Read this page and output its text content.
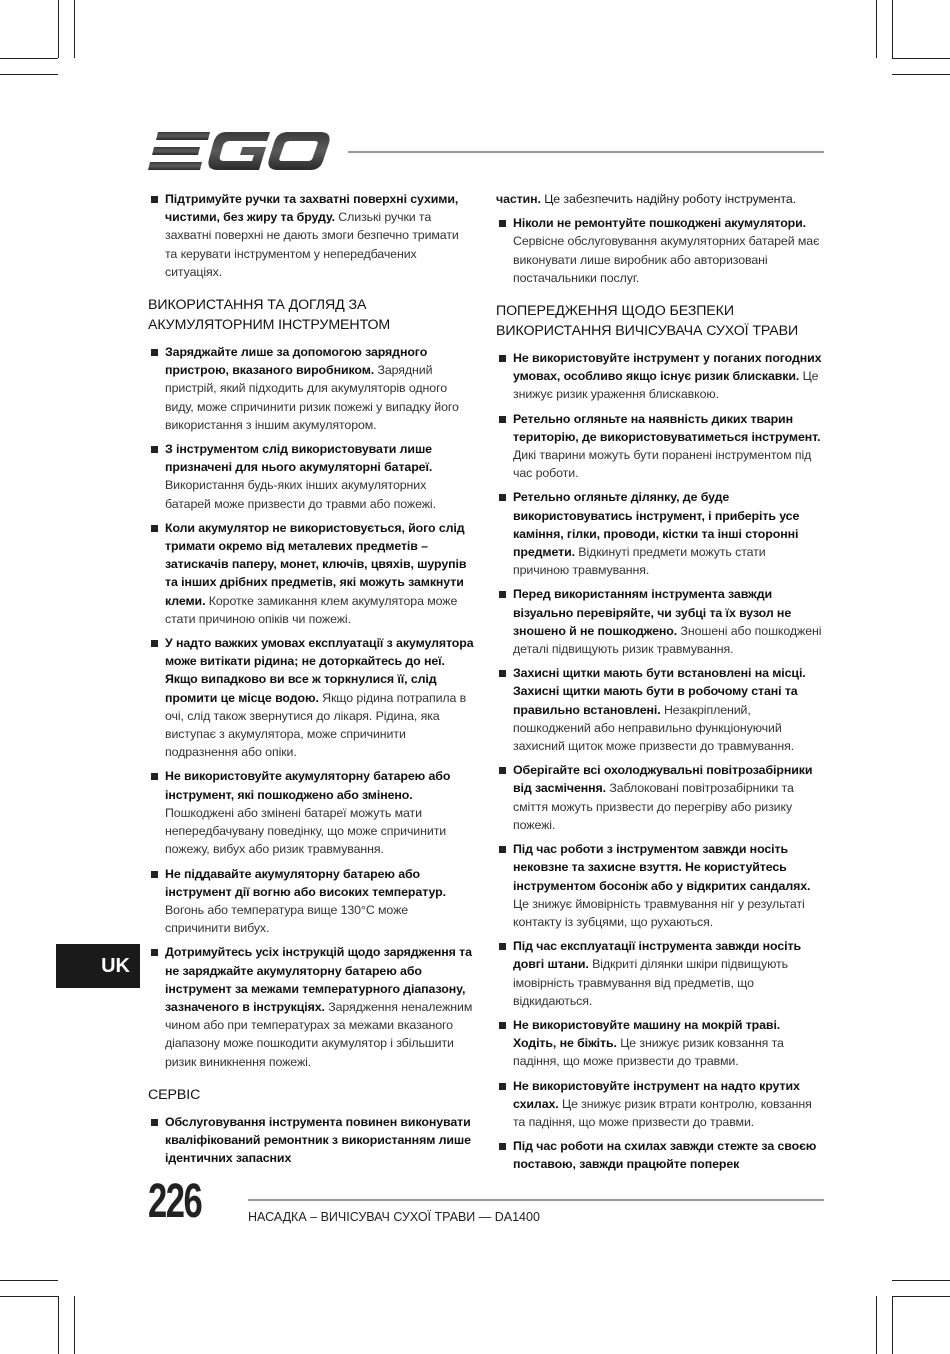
Підтримуйте ручки та захватні поверхні сухими, чистими, без жиру та бруду. Слизькі ручки та захватні поверхні не дають змоги безпечно тримати та керувати інструментом у непередбачених ситуаціях.
ВИКОРИСТАННЯ ТА ДОГЛЯД ЗА АКУМУЛЯТОРНИМ ІНСТРУМЕНТОМ
Заряджайте лише за допомогою зарядного пристрою, вказаного виробником. Зарядний пристрій, який підходить для акумуляторів одного виду, може спричинити ризик пожежі у випадку його використання з іншим акумулятором.
З інструментом слід використовувати лише призначені для нього акумуляторні батареї. Використання будь-яких інших акумуляторних батарей може призвести до травми або пожежі.
Коли акумулятор не використовується, його слід тримати окремо від металевих предметів – затискачів паперу, монет, ключів, цвяхів, шурупів та інших дрібних предметів, які можуть замкнути клеми. Коротке замикання клем акумулятора може стати причиною опіків чи пожежі.
У надто важких умовах експлуатації з акумулятора може витікати рідина; не доторкайтесь до неї. Якщо випадково ви все ж торкнулися її, слід промити це місце водою. Якщо рідина потрапила в очі, слід також звернутися до лікаря. Рідина, яка виступає з акумулятора, може спричинити подразнення або опіки.
Не використовуйте акумуляторну батарею або інструмент, які пошкоджено або змінено. Пошкоджені або змінені батареї можуть мати непередбачувану поведінку, що може спричинити пожежу, вибух або ризик травмування.
Не піддавайте акумуляторну батарею або інструмент дії вогню або високих температур. Вогонь або температура вище 130°C може спричинити вибух.
Дотримуйтесь усіх інструкцій щодо зарядження та не заряджайте акумуляторну батарею або інструмент за межами температурного діапазону, зазначеного в інструкціях. Зарядження неналежним чином або при температурах за межами вказаного діапазону може пошкодити акумулятор і збільшити ризик виникнення пожежі.
СЕРВІС
Обслуговування інструмента повинен виконувати кваліфікований ремонтник з використанням лише ідентичних запасних
частин. Це забезпечить надійну роботу інструмента.
Ніколи не ремонтуйте пошкоджені акумулятори. Сервісне обслуговування акумуляторних батарей має виконувати лише виробник або авторизовані постачальники послуг.
ПОПЕРЕДЖЕННЯ ЩОДО БЕЗПЕКИ ВИКОРИСТАННЯ ВИЧІСУВАЧА СУХОЇ ТРАВИ
Не використовуйте інструмент у поганих погодних умовах, особливо якщо існує ризик блискавки. Це знижує ризик ураження блискавкою.
Ретельно огляньте на наявність диких тварин територію, де використовуватиметься інструмент. Дикі тварини можуть бути поранені інструментом під час роботи.
Ретельно огляньте ділянку, де буде використовуватись інструмент, і приберіть усе каміння, гілки, проводи, кістки та інші сторонні предмети. Відкинуті предмети можуть стати причиною травмування.
Перед використанням інструмента завжди візуально перевіряйте, чи зубці та їх вузол не зношено й не пошкоджено. Зношені або пошкоджені деталі підвищують ризик травмування.
Захисні щитки мають бути встановлені на місці. Захисні щитки мають бути в робочому стані та правильно встановлені. Незакріплений, пошкоджений або неправильно функціонуючий захисний щиток може призвести до травмування.
Оберігайте всі охолоджувальні повітрозабірники від засмічення. Заблоковані повітрозабірники та сміття можуть призвести до перегріву або ризику пожежі.
Під час роботи з інструментом завжди носіть нековзне та захисне взуття. Не користуйтесь інструментом босоніж або у відкритих сандалях. Це знижує ймовірність травмування ніг у результаті контакту із зубцями, що рухаються.
Під час експлуатації інструмента завжди носіть довгі штани. Відкриті ділянки шкіри підвищують імовірність травмування від предметів, що відкидаються.
Не використовуйте машину на мокрій траві. Ходіть, не біжіть. Це знижує ризик ковзання та падіння, що може призвести до травми.
Не використовуйте інструмент на надто крутих схилах. Це знижує ризик втрати контролю, ковзання та падіння, що може призвести до травми.
Під час роботи на схилах завжди стежте за своєю поставою, завжди працюйте поперек
UK
226	НАСАДКА – ВИЧІСУВАЧ СУХОЇ ТРАВИ — DA1400
